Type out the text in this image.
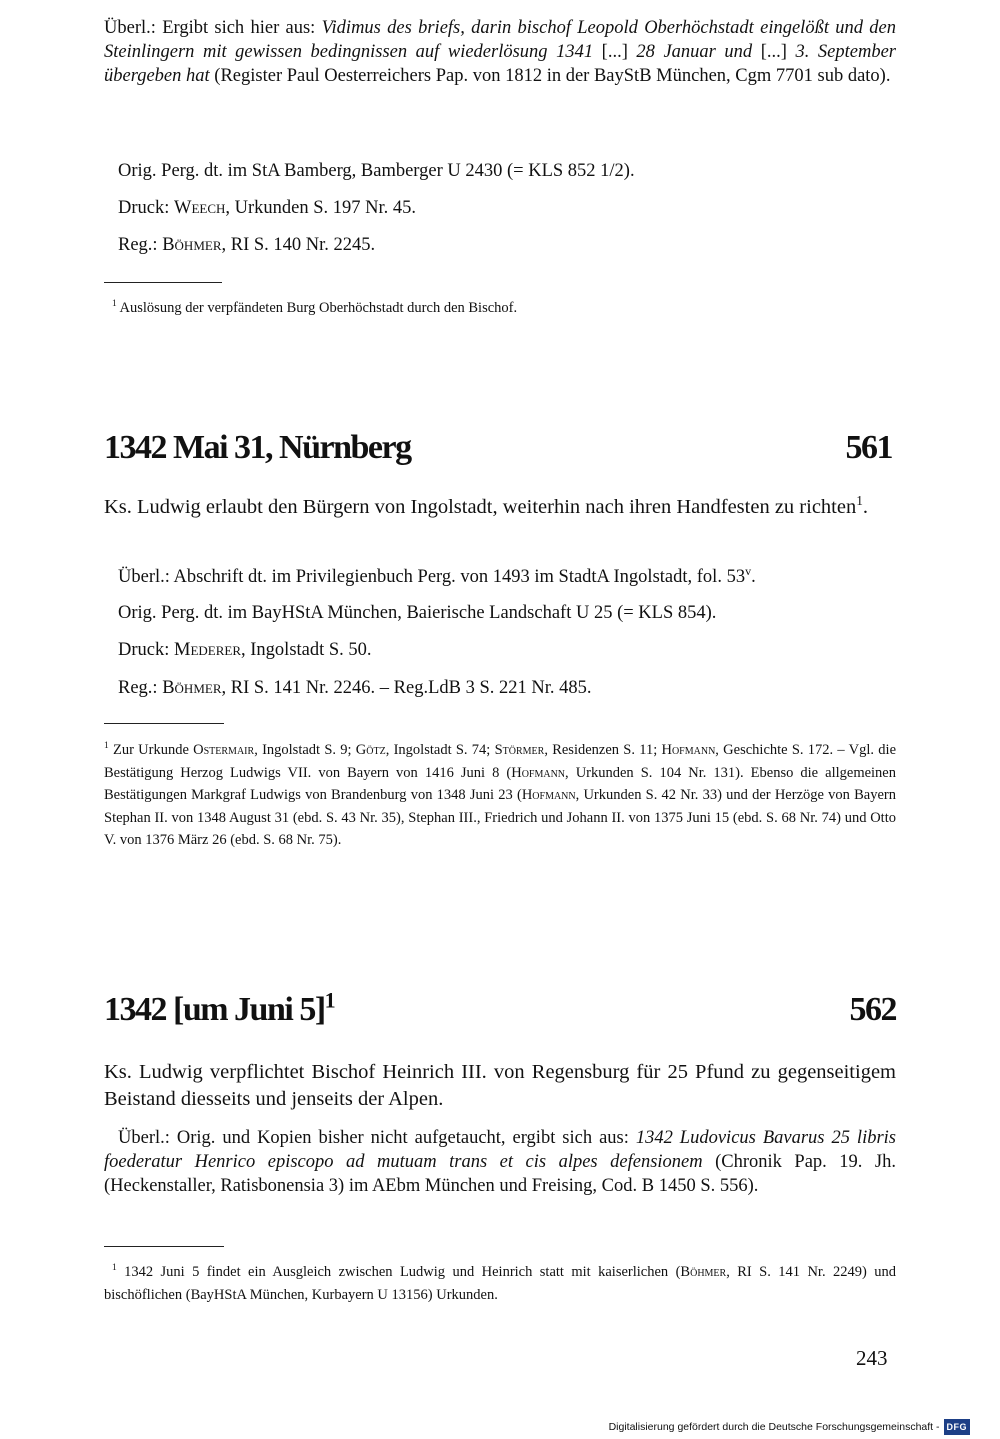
Überl.: Ergibt sich hier aus: Vidimus des briefs, darin bischof Leopold Oberhöchstadt eingelößt und den Steinlingern mit gewissen bedingnissen auf wiederlösung 1341 [...] 28 Januar und [...] 3. September übergeben hat (Register Paul Oesterreichers Pap. von 1812 in der BayStB München, Cgm 7701 sub dato).

Orig. Perg. dt. im StA Bamberg, Bamberger U 2430 (= KLS 852 1/2).

Druck: Weech, Urkunden S. 197 Nr. 45.

Reg.: Böhmer, RI S. 140 Nr. 2245.

$^1$ Auslösung der verpfändeten Burg Oberhöchstadt durch den Bischof.

1342 Mai 31, Nürnberg	561

Ks. Ludwig erlaubt den Bürgern von Ingolstadt, weiterhin nach ihren Handfesten zu richten$^1$.

Überl.: Abschrift dt. im Privilegienbuch Perg. von 1493 im StadtA Ingolstadt, fol. 53$^v$.

Orig. Perg. dt. im BayHStA München, Baierische Landschaft U 25 (= KLS 854).

Druck: Mederer, Ingolstadt S. 50.

Reg.: Böhmer, RI S. 141 Nr. 2246. – Reg.LdB 3 S. 221 Nr. 485.

$^1$ Zur Urkunde Ostermair, Ingolstadt S. 9; Götz, Ingolstadt S. 74; Störmer, Residenzen S. 11; Hofmann, Geschichte S. 172. – Vgl. die Bestätigung Herzog Ludwigs VII. von Bayern von 1416 Juni 8 (Hofmann, Urkunden S. 104 Nr. 131). Ebenso die allgemeinen Bestätigungen Markgraf Ludwigs von Brandenburg von 1348 Juni 23 (Hofmann, Urkunden S. 42 Nr. 33) und der Herzöge von Bayern Stephan II. von 1348 August 31 (ebd. S. 43 Nr. 35), Stephan III., Friedrich und Johann II. von 1375 Juni 15 (ebd. S. 68 Nr. 74) und Otto V. von 1376 März 26 (ebd. S. 68 Nr. 75).

1342 [um Juni 5]$^1$	562

Ks. Ludwig verpflichtet Bischof Heinrich III. von Regensburg für 25 Pfund zu gegenseitigem Beistand diesseits und jenseits der Alpen.

Überl.: Orig. und Kopien bisher nicht aufgetaucht, ergibt sich aus: 1342 Ludovicus Bavarus 25 libris foederatur Henrico episcopo ad mutuam trans et cis alpes defensionem (Chronik Pap. 19. Jh. (Heckenstaller, Ratisbonensia 3) im AEbm München und Freising, Cod. B 1450 S. 556).

$^1$ 1342 Juni 5 findet ein Ausgleich zwischen Ludwig und Heinrich statt mit kaiserlichen (Böhmer, RI S. 141 Nr. 2249) und bischöflichen (BayHStA München, Kurbayern U 13156) Urkunden.

243
Digitalisierung gefördert durch die Deutsche Forschungsgemeinschaft - DFG
